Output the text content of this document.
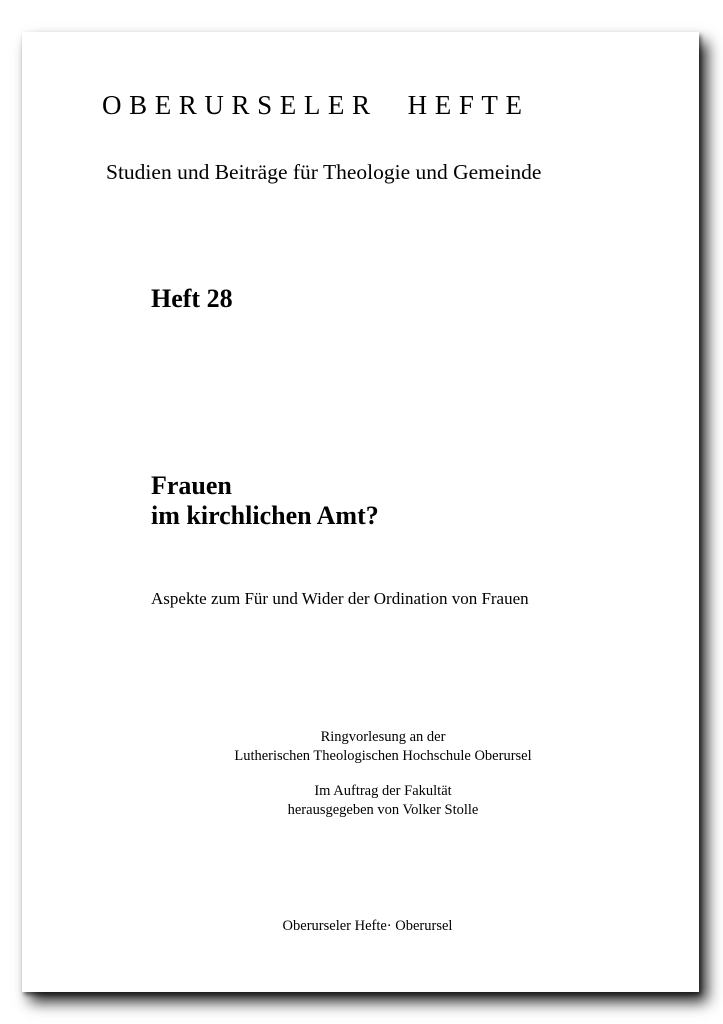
OBERURSELER HEFTE
Studien und Beiträge für Theologie und Gemeinde
Heft 28
Frauen
im kirchlichen Amt?
Aspekte zum Für und Wider der Ordination von Frauen
Ringvorlesung an der
Lutherischen Theologischen Hochschule Oberursel
Im Auftrag der Fakultät
herausgegeben von Volker Stolle
Oberurseler Hefte· Oberursel
